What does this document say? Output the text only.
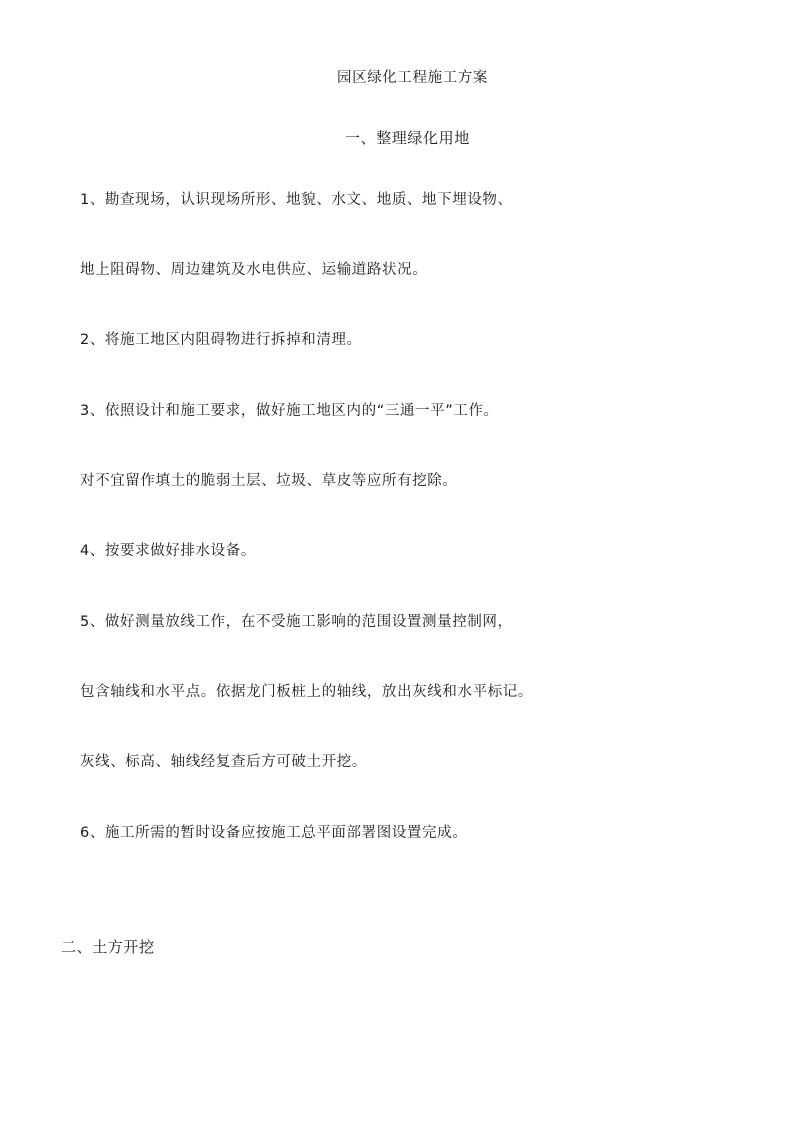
园区绿化工程施工方案

一、整理绿化用地

1、勘查现场，认识现场所形、地貌、水文、地质、地下埋设物、

地上阻碍物、周边建筑及水电供应、运输道路状况。

2、将施工地区内阻碍物进行拆掉和清理。

3、依照设计和施工要求，做好施工地区内的“三通一平”工作。

对不宜留作填土的脆弱土层、垃圾、草皮等应所有挖除。

4、按要求做好排水设备。

5、做好测量放线工作，在不受施工影响的范围设置测量控制网，

包含轴线和水平点。依据龙门板桩上的轴线，放出灰线和水平标记。

灰线、标高、轴线经复查后方可破土开挖。

6、施工所需的暂时设备应按施工总平面部署图设置完成。

二、土方开挖
